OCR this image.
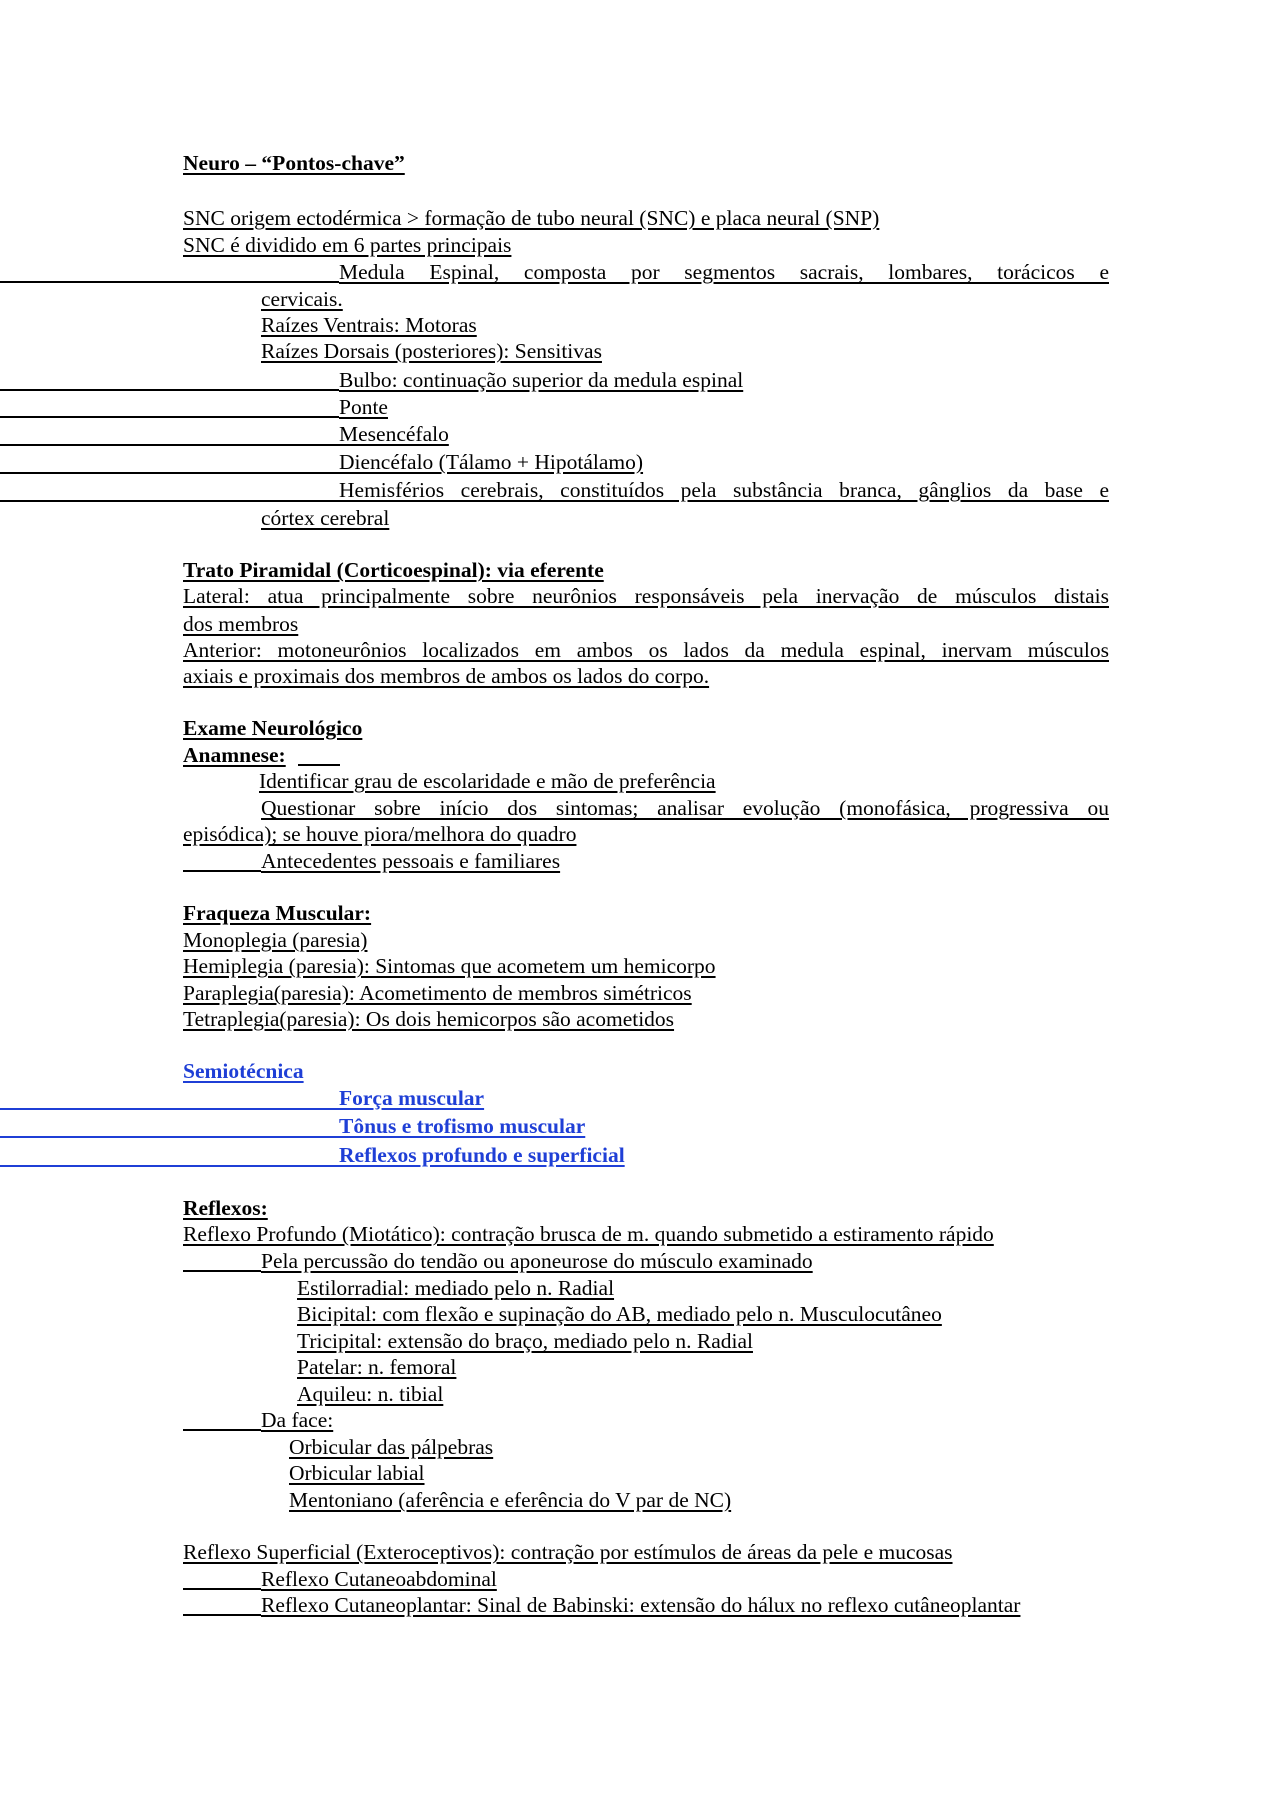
Neuro – “Pontos-chave”
SNC origem ectodérmica > formação de tubo neural (SNC) e placa neural (SNP)
SNC é dividido em 6 partes principais
Medula Espinal, composta por segmentos sacrais, lombares, torácicos e
cervicais.
Raízes Ventrais: Motoras
Raízes Dorsais (posteriores): Sensitivas
Bulbo: continuação superior da medula espinal
Ponte
Mesencéfalo
Diencéfalo (Tálamo + Hipotálamo)
Hemisférios cerebrais, constituídos pela substância branca, gânglios da base e
córtex cerebral
Trato Piramidal (Corticoespinal): via eferente
Lateral: atua principalmente sobre neurônios responsáveis pela inervação de músculos distais
dos membros
Anterior: motoneurônios localizados em ambos os lados da medula espinal, inervam músculos
axiais e proximais dos membros de ambos os lados do corpo.
Exame Neurológico
Anamnese:
Identificar grau de escolaridade e mão de preferência
Questionar sobre início dos sintomas; analisar evolução (monofásica, progressiva ou
episódica); se houve piora/melhora do quadro
Antecedentes pessoais e familiares
Fraqueza Muscular:
Monoplegia (paresia)
Hemiplegia (paresia): Sintomas que acometem um hemicorpo
Paraplegia(paresia): Acometimento de membros simétricos
Tetraplegia(paresia): Os dois hemicorpos são acometidos
Semiotécnica
Força muscular
Tônus e trofismo muscular
Reflexos profundo e superficial
Reflexos:
Reflexo Profundo (Miotático): contração brusca de m. quando submetido a estiramento rápido
Pela percussão do tendão ou aponeurose do músculo examinado
Estilorradial: mediado pelo n. Radial
Bicipital: com flexão e supinação do AB, mediado pelo n. Musculocutâneo
Tricipital: extensão do braço, mediado pelo n. Radial
Patelar: n. femoral
Aquileu: n. tibial
Da face:
Orbicular das pálpebras
Orbicular labial
Mentoniano (aferência e eferência do V par de NC)
Reflexo Superficial (Exteroceptivos): contração por estímulos de áreas da pele e mucosas
Reflexo Cutaneoabdominal
Reflexo Cutaneoplantar: Sinal de Babinski: extensão do hálux no reflexo cutâneoplantar
